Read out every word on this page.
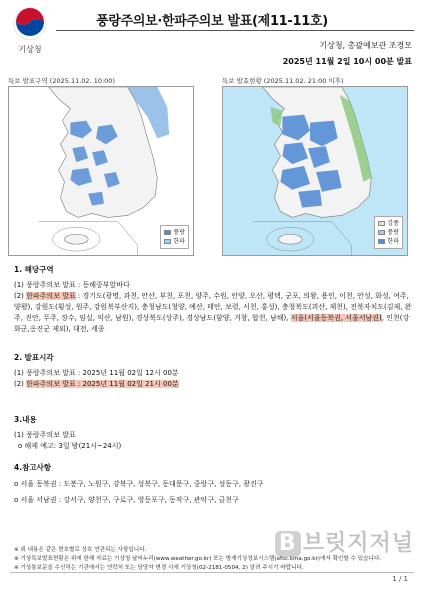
기상청
풍랑주의보·한파주의보 발표(제11-11호)
기상청, 총괄예보관 조경모
2025년 11월 2일 10시 00분 발표
특보 발표구역 (2025.11.02. 10:00)
풍랑
한파
특보 발효현황 (2025.11.02. 21:00 이후)
강풍
풍랑
한파
1. 해당구역

(1) 풍랑주의보 발표 : 동해중부앞바다

(2) 한파주의보 발표 : 경기도(광명, 과천, 안산, 부천, 포천, 양주, 수원, 안양, 오산, 평택, 군포, 의왕, 용인, 이천, 안성, 화성, 여주, 양평), 강원도(횡성, 원주, 강원북부산지), 충청남도(청양, 예산, 태안, 보령, 서천, 홍성), 충청북도(괴산, 제천), 전북자치도(김제, 완주, 진안, 무주, 장수, 임실, 익산, 남원), 경상북도(상주), 경상남도(함양, 거창, 합천, 남해), 서울(서울동북권, 서울서남권), 인천(강화군,옹진군 제외), 대전, 세종

2. 발표시각

(1) 풍랑주의보 발표 : 2025년 11월 02일 12시 00분

(2) 한파주의보 발표 : 2025년 11월 02일 21시 00분

3.내용

(1) 풍랑주의보 발표

o 해제 예고: 3일 밤(21시~24시)

4.참고사항

o 서울 동북권 : 도봉구, 노원구, 강북구, 성북구, 동대문구, 중랑구, 성동구, 광진구

o 서울 서남권 : 강서구, 양천구, 구로구, 영등포구, 동작구, 관악구, 금천구

B 브릿지저널
※ 위 내용은 같은 번호별로 상호 연관되는 사항입니다.
※ 기상특보발표현황은 위에 한해 자료는 기상청 날씨누리(www.weather.go.kr) 또는 방재기상정보시스템(afsc.kma.go.kr)에서 확인할 수 있습니다.
※ 기상통보문을 수신하는 기관에서는 연락처 또는 담당자 변경 시에 기상청(02-2181-0504, 2) 알려 주시기 바랍니다.
1 / 1
